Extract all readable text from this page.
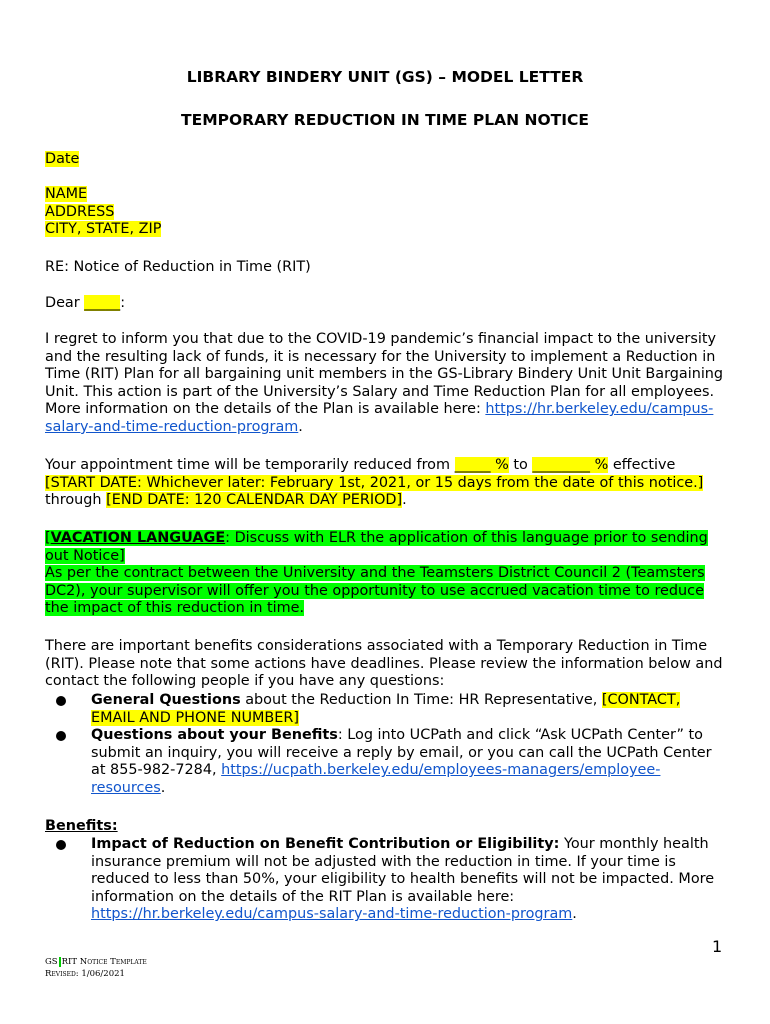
LIBRARY BINDERY UNIT (GS) – MODEL LETTER
TEMPORARY REDUCTION IN TIME PLAN NOTICE
Date
NAME
ADDRESS
CITY, STATE, ZIP
RE: Notice of Reduction in Time (RIT)
Dear _____:
I regret to inform you that due to the COVID-19 pandemic’s financial impact to the university and the resulting lack of funds, it is necessary for the University to implement a Reduction in Time (RIT) Plan for all bargaining unit members in the GS-Library Bindery Unit Unit Bargaining Unit. This action is part of the University’s Salary and Time Reduction Plan for all employees. More information on the details of the Plan is available here: https://hr.berkeley.edu/campus-salary-and-time-reduction-program.
Your appointment time will be temporarily reduced from _____ % to ________ % effective [START DATE: Whichever later: February 1st, 2021, or 15 days from the date of this notice.] through [END DATE: 120 CALENDAR DAY PERIOD].
[VACATION LANGUAGE: Discuss with ELR the application of this language prior to sending out Notice]
As per the contract between the University and the Teamsters District Council 2 (Teamsters DC2), your supervisor will offer you the opportunity to use accrued vacation time to reduce the impact of this reduction in time.
There are important benefits considerations associated with a Temporary Reduction in Time (RIT). Please note that some actions have deadlines. Please review the information below and contact the following people if you have any questions:
General Questions about the Reduction In Time: HR Representative, [CONTACT, EMAIL AND PHONE NUMBER]
Questions about your Benefits: Log into UCPath and click “Ask UCPath Center” to submit an inquiry, you will receive a reply by email, or you can call the UCPath Center at 855-982-7284, https://ucpath.berkeley.edu/employees-managers/employee-resources.
Benefits:
Impact of Reduction on Benefit Contribution or Eligibility: Your monthly health insurance premium will not be adjusted with the reduction in time. If your time is reduced to less than 50%, your eligibility to health benefits will not be impacted. More information on the details of the RIT Plan is available here: https://hr.berkeley.edu/campus-salary-and-time-reduction-program.
1
GS RIT Notice Template
Revised: 1/06/2021
